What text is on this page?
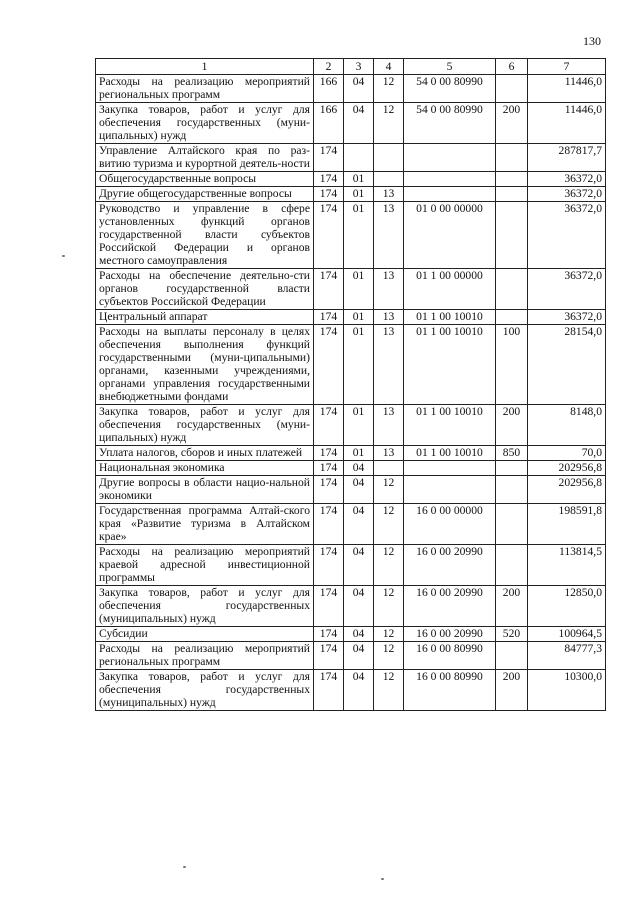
130
1	2	3	4	5	6	7
Расходы на реализацию мероприятий региональных программ	166	04	12	54 0 00 80990		11446,0
Закупка товаров, работ и услуг для обеспечения государственных (муни-ципальных) нужд	166	04	12	54 0 00 80990	200	11446,0
Управление Алтайского края по раз-витию туризма и курортной деятель-ности	174					287817,7
Общегосударственные вопросы	174	01				36372,0
Другие общегосударственные вопросы	174	01	13			36372,0
Руководство и управление в сфере установленных функций органов государственной власти субъектов Российской Федерации и органов местного самоуправления	174	01	13	01 0 00 00000		36372,0
Расходы на обеспечение деятельно-сти органов государственной власти субъектов Российской Федерации	174	01	13	01 1 00 00000		36372,0
Центральный аппарат	174	01	13	01 1 00 10010		36372,0
Расходы на выплаты персоналу в целях обеспечения выполнения функций государственными (муни-ципальными) органами, казенными учреждениями, органами управления государственными внебюджетными фондами	174	01	13	01 1 00 10010	100	28154,0
Закупка товаров, работ и услуг для обеспечения государственных (муни-ципальных) нужд	174	01	13	01 1 00 10010	200	8148,0
Уплата налогов, сборов и иных платежей	174	01	13	01 1 00 10010	850	70,0
Национальная экономика	174	04				202956,8
Другие вопросы в области нацио-нальной экономики	174	04	12			202956,8
Государственная программа Алтай-ского края «Развитие туризма в Алтайском крае»	174	04	12	16 0 00 00000		198591,8
Расходы на реализацию мероприятий краевой адресной инвестиционной программы	174	04	12	16 0 00 20990		113814,5
Закупка товаров, работ и услуг для обеспечения государственных (муниципальных) нужд	174	04	12	16 0 00 20990	200	12850,0
Субсидии	174	04	12	16 0 00 20990	520	100964,5
Расходы на реализацию мероприятий региональных программ	174	04	12	16 0 00 80990		84777,3
Закупка товаров, работ и услуг для обеспечения государственных (муниципальных) нужд	174	04	12	16 0 00 80990	200	10300,0
